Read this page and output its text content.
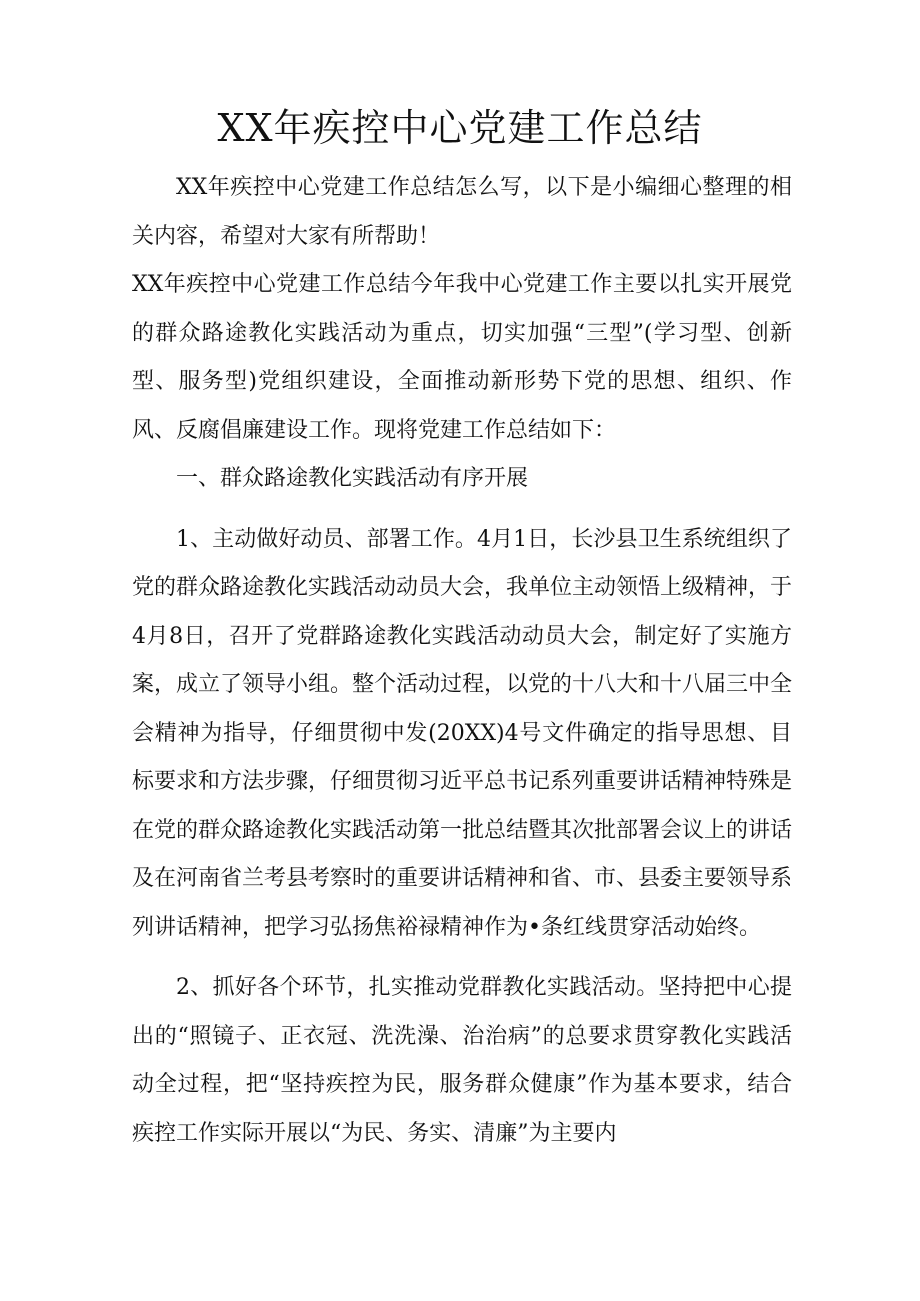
XX年疾控中心党建工作总结

XX年疾控中心党建工作总结怎么写，以下是小编细心整理的相关内容，希望对大家有所帮助！

XX年疾控中心党建工作总结今年我中心党建工作主要以扎实开展党的群众路途教化实践活动为重点，切实加强“三型”(学习型、创新型、服务型)党组织建设，全面推动新形势下党的思想、组织、作风、反腐倡廉建设工作。现将党建工作总结如下：

一、群众路途教化实践活动有序开展

1、主动做好动员、部署工作。4月1日，长沙县卫生系统组织了党的群众路途教化实践活动动员大会，我单位主动领悟上级精神，于4月8日，召开了党群路途教化实践活动动员大会，制定好了实施方案，成立了领导小组。整个活动过程，以党的十八大和十八届三中全会精神为指导，仔细贯彻中发(20XX)4号文件确定的指导思想、目标要求和方法步骤，仔细贯彻习近平总书记系列重要讲话精神特殊是在党的群众路途教化实践活动第一批总结暨其次批部署会议上的讲话及在河南省兰考县考察时的重要讲话精神和省、市、县委主要领导系列讲话精神，把学习弘扬焦裕禄精神作为•条红线贯穿活动始终。

2、抓好各个环节，扎实推动党群教化实践活动。坚持把中心提出的“照镜子、正衣冠、洗洗澡、治治病”的总要求贯穿教化实践活动全过程，把“坚持疾控为民，服务群众健康”作为基本要求，结合疾控工作实际开展以“为民、务实、清廉”为主要内
